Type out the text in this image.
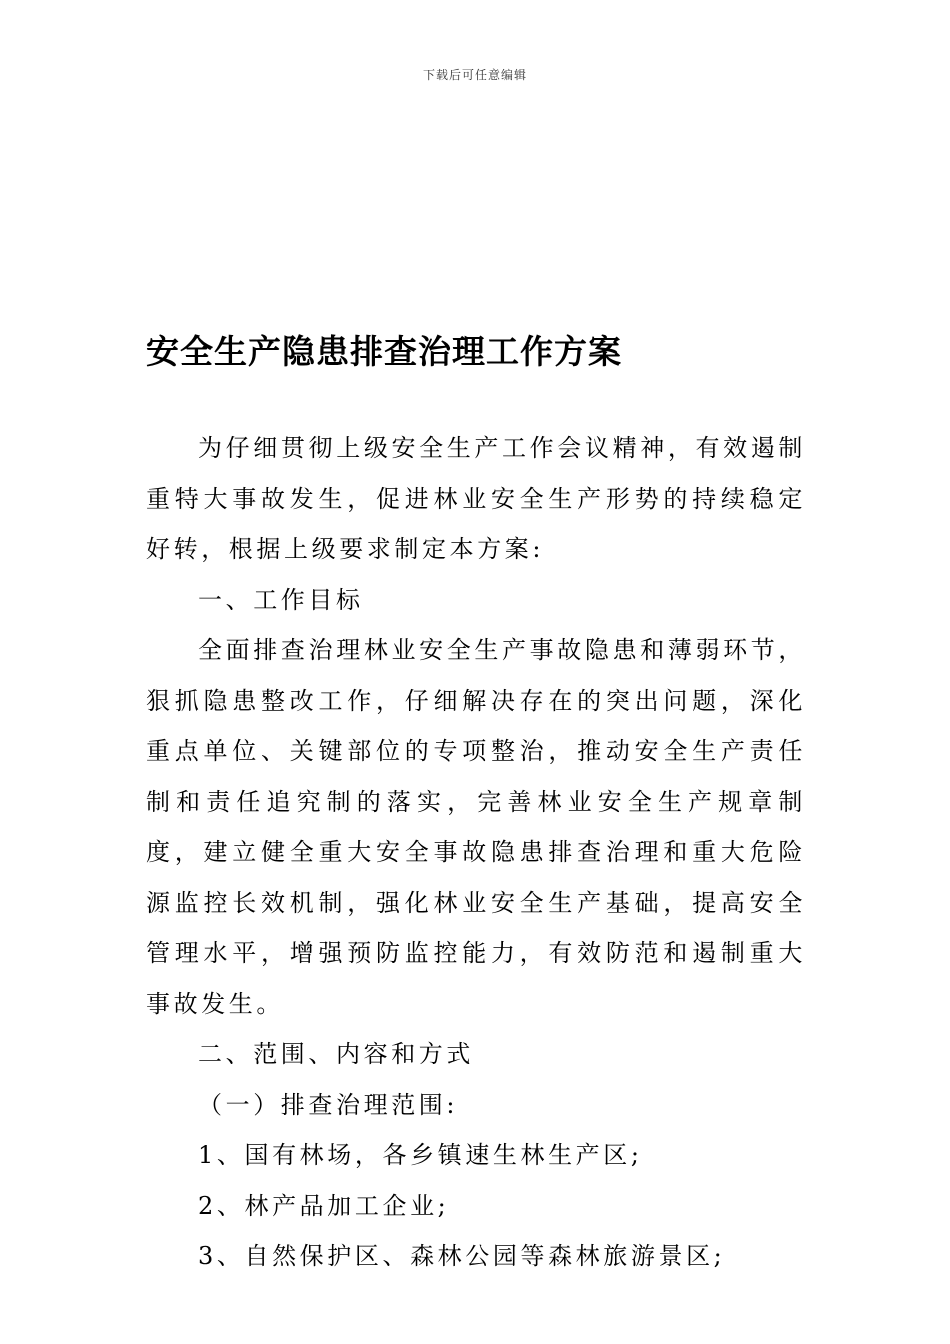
下载后可任意编辑
安全生产隐患排查治理工作方案

为仔细贯彻上级安全生产工作会议精神，有效遏制重特大事故发生，促进林业安全生产形势的持续稳定好转，根据上级要求制定本方案:

一、工作目标

全面排查治理林业安全生产事故隐患和薄弱环节，狠抓隐患整改工作，仔细解决存在的突出问题，深化重点单位、关键部位的专项整治，推动安全生产责任制和责任追究制的落实，完善林业安全生产规章制度，建立健全重大安全事故隐患排查治理和重大危险源监控长效机制，强化林业安全生产基础，提高安全管理水平，增强预防监控能力，有效防范和遏制重大事故发生。

二、范围、内容和方式

（一）排查治理范围:

1、国有林场，各乡镇速生林生产区;

2、林产品加工企业;

3、自然保护区、森林公园等森林旅游景区;
